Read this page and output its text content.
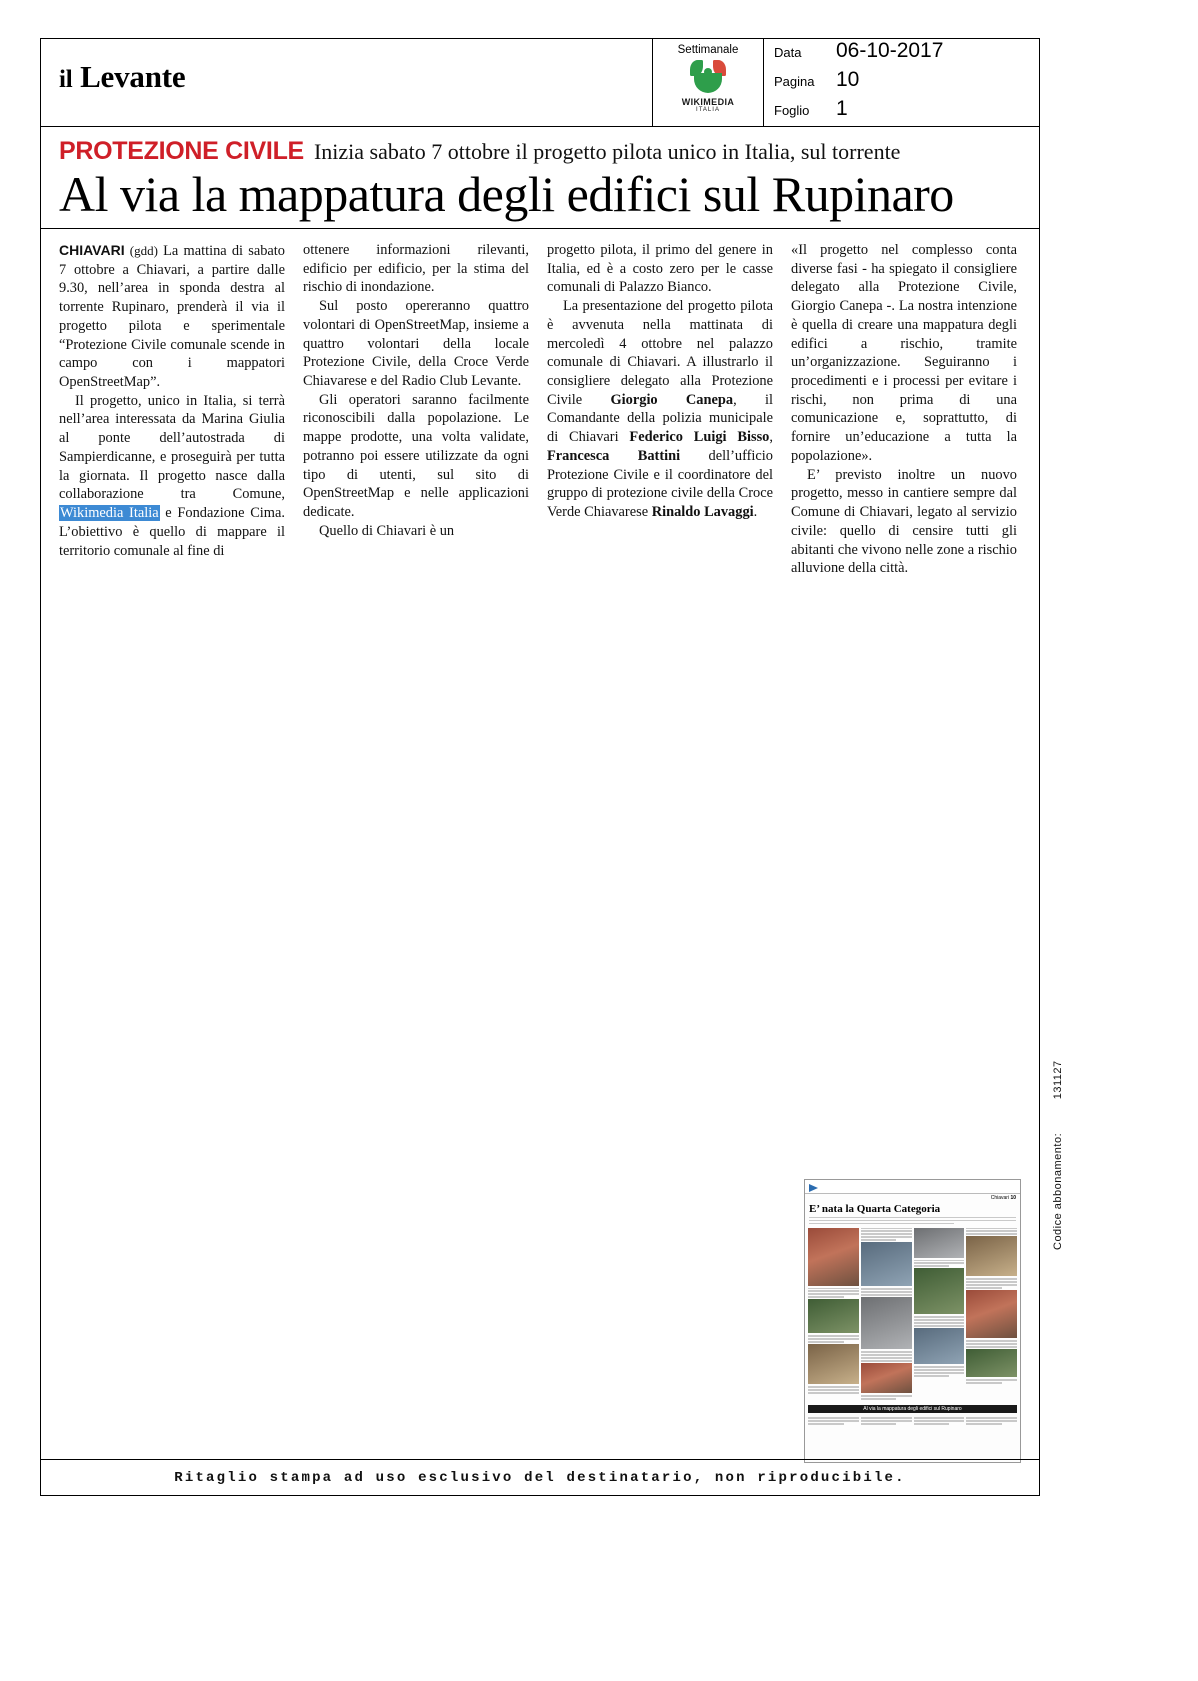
il Levante
Settimanale
WIKIMEDIA
ITALIA
Data	06-10-2017
Pagina	10
Foglio	1
PROTEZIONE CIVILE Inizia sabato 7 ottobre il progetto pilota unico in Italia, sul torrente
Al via la mappatura degli edifici sul Rupinaro

CHIAVARI (gdd) La mattina di sabato 7 ottobre a Chiavari, a partire dalle 9.30, nell’area in sponda destra al torrente Rupinaro, prenderà il via il progetto pilota e sperimentale “Protezione Civile comunale scende in campo con i mappatori OpenStreetMap”.

Il progetto, unico in Italia, si terrà nell’area interessata da Marina Giulia al ponte dell’autostrada di Sampierdicanne, e proseguirà per tutta la giornata. Il progetto nasce dalla collaborazione tra Comune, Wikimedia Italia e Fondazione Cima. L’obiettivo è quello di mappare il territorio comunale al fine di

ottenere informazioni rilevanti, edificio per edificio, per la stima del rischio di inondazione.

Sul posto opereranno quattro volontari di OpenStreetMap, insieme a quattro volontari della locale Protezione Civile, della Croce Verde Chiavarese e del Radio Club Levante.

Gli operatori saranno facilmente riconoscibili dalla popolazione. Le mappe prodotte, una volta validate, potranno poi essere utilizzate da ogni tipo di utenti, sul sito di OpenStreetMap e nelle applicazioni dedicate.

Quello di Chiavari è un

progetto pilota, il primo del genere in Italia, ed è a costo zero per le casse comunali di Palazzo Bianco.

La presentazione del progetto pilota è avvenuta nella mattinata di mercoledì 4 ottobre nel palazzo comunale di Chiavari. A illustrarlo il consigliere delegato alla Protezione Civile Giorgio Canepa, il Comandante della polizia municipale di Chiavari Federico Luigi Bisso, Francesca Battini dell’ufficio Protezione Civile e il coordinatore del gruppo di protezione civile della Croce Verde Chiavarese Rinaldo Lavaggi.

«Il progetto nel complesso conta diverse fasi - ha spiegato il consigliere delegato alla Protezione Civile, Giorgio Canepa -. La nostra intenzione è quella di creare una mappatura degli edifici a rischio, tramite un’organizzazione. Seguiranno i procedimenti e i processi per evitare i rischi, non prima di una comunicazione e, soprattutto, di fornire un’educazione a tutta la popolazione».

E’ previsto inoltre un nuovo progetto, messo in cantiere sempre dal Comune di Chiavari, legato al servizio civile: quello di censire tutti gli abitanti che vivono nelle zone a rischio alluvione della città.

Chiavari 10
E’ nata la Quarta Categoria
Al via la mappatura degli edifici sul Rupinaro
Ritaglio stampa ad uso esclusivo del destinatario, non riproducibile.
Codice abbonamento: 131127
